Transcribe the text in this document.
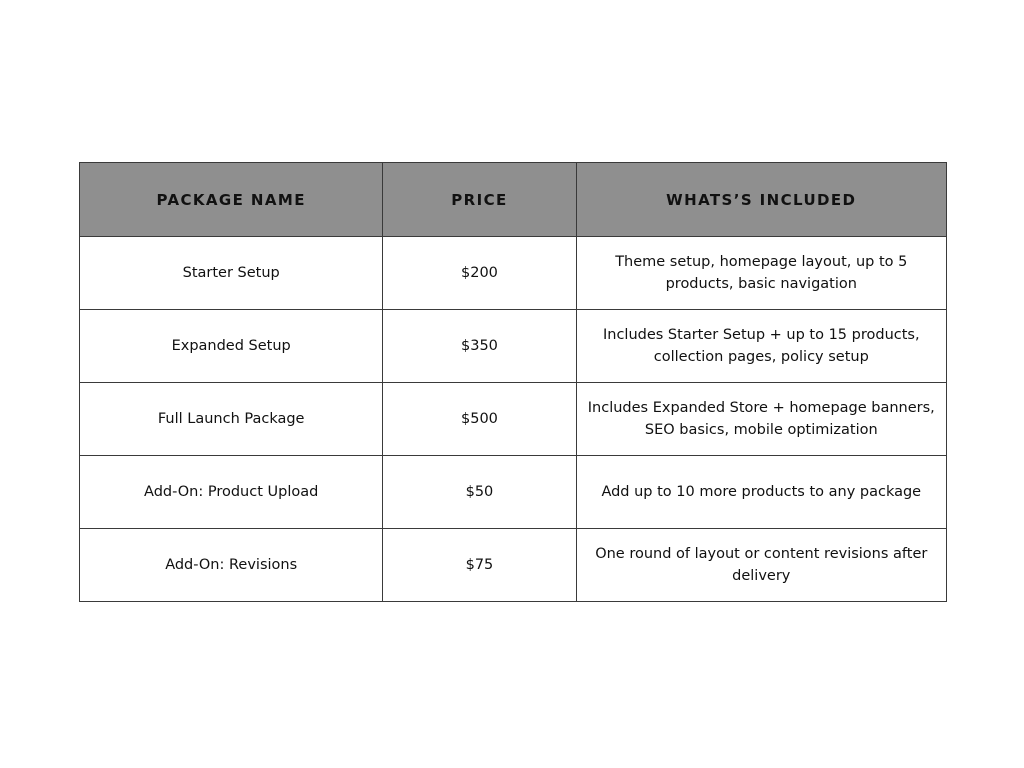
PACKAGE NAME	PRICE	WHATS’S INCLUDED
Starter Setup	$200	Theme setup, homepage layout, up to 5 products, basic navigation
Expanded Setup	$350	Includes Starter Setup + up to 15 products, collection pages, policy setup
Full Launch Package	$500	Includes Expanded Store + homepage banners, SEO basics, mobile optimization
Add-On: Product Upload	$50	Add up to 10 more products to any package
Add-On: Revisions	$75	One round of layout or content revisions after delivery
